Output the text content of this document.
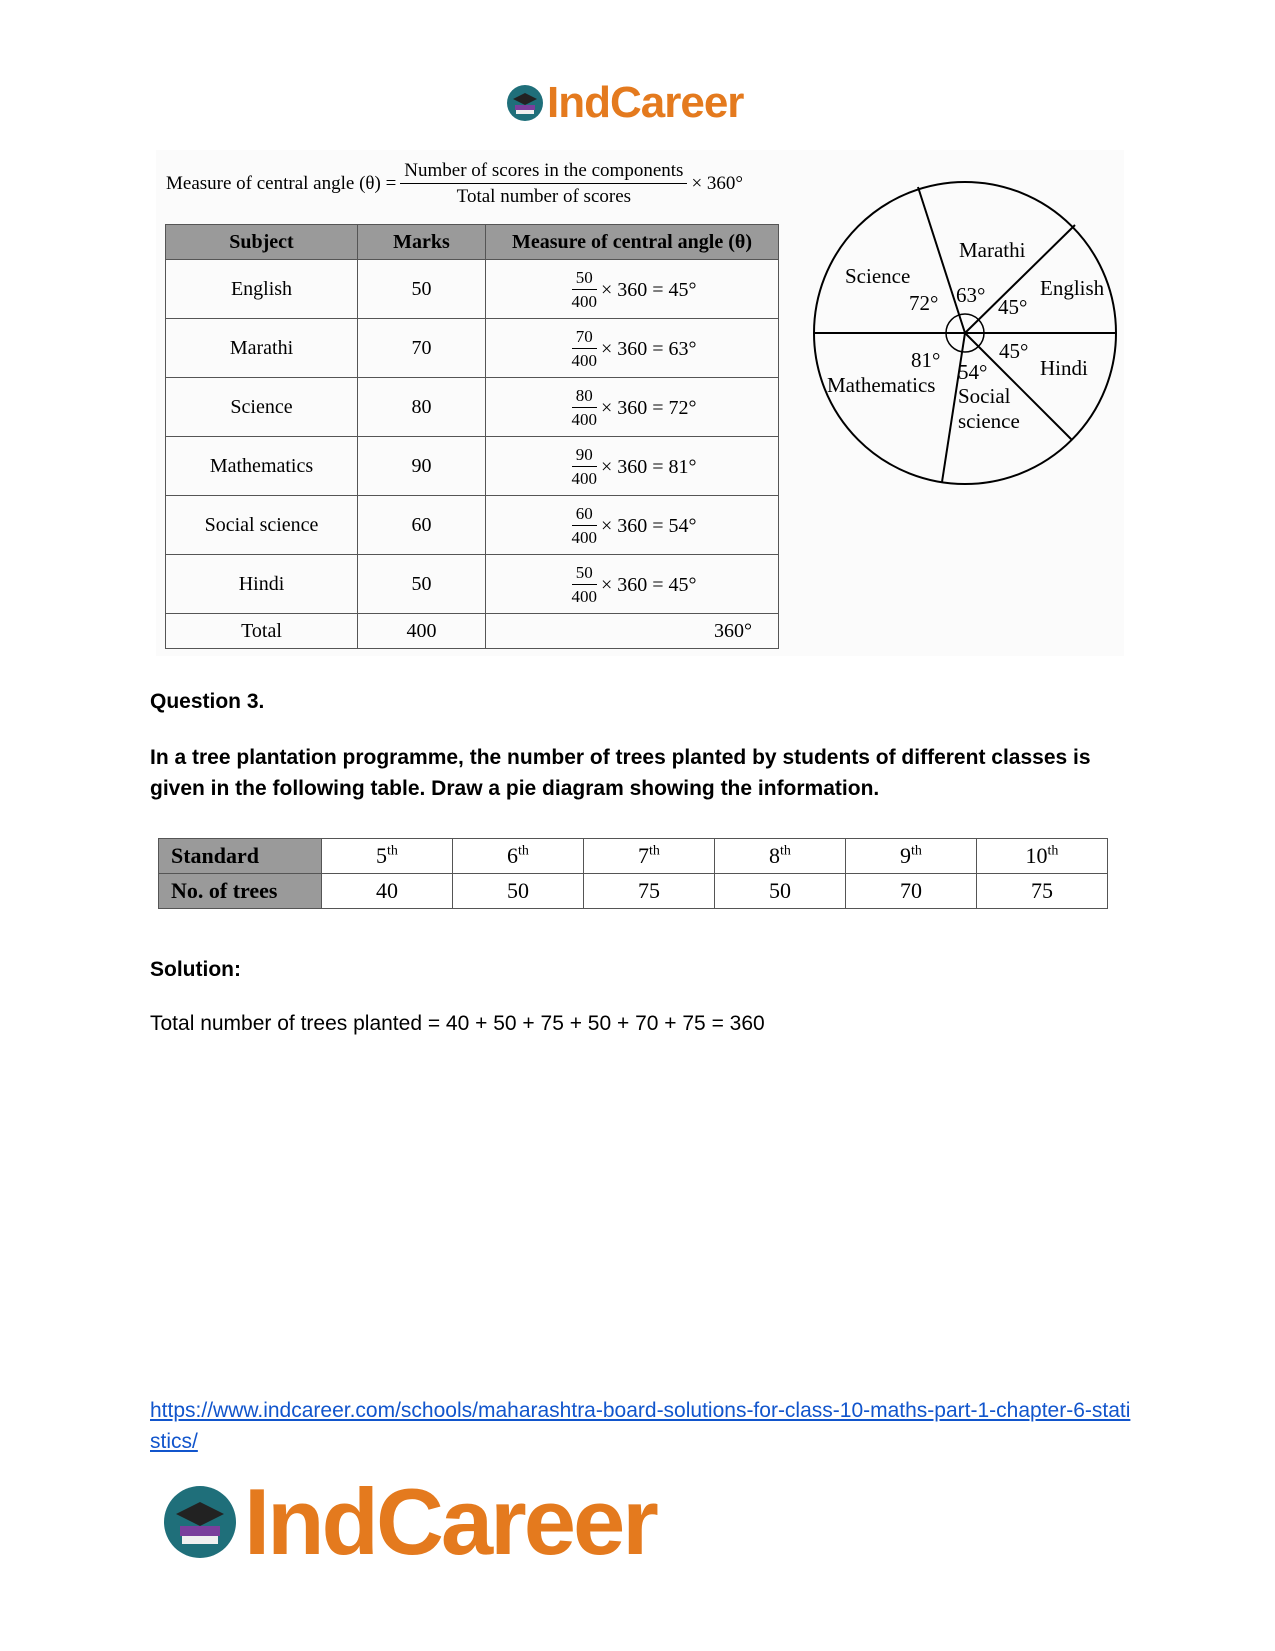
IndCareer
Measure of central angle $(\theta) = \frac{\text{Number of scores in the components}}{\text{Total number of scores}} \times 360^\circ$
Subject	Marks	Measure of central angle (θ)
English	50	$\frac{50}{400} \times 360 = 45^\circ$

Marathi	70	$\frac{70}{400} \times 360 = 63^\circ$

Science	80	$\frac{80}{400} \times 360 = 72^\circ$

Mathematics	90	$\frac{90}{400} \times 360 = 81^\circ$

Social science	60	$\frac{60}{400} \times 360 = 54^\circ$

Hindi	50	$\frac{50}{400} \times 360 = 45^\circ$

Total	400	360°
Marathi
English
Science
Hindi
Mathematics Social
science
63° 45°
72°
45°
81° 54°
Question 3.
In a tree plantation programme, the number of trees planted by students of different classes is given in the following table. Draw a pie diagram showing the information.
Standard	5th	6th	7th	8th	9th	10th
No. of trees	40	50	75	50	70	75
Solution:
Total number of trees planted = 40 + 50 + 75 + 50 + 70 + 75 = 360
https://www.indcareer.com/schools/maharashtra-board-solutions-for-class-10-maths-part-1-chapter-6-statistics/
IndCareer
